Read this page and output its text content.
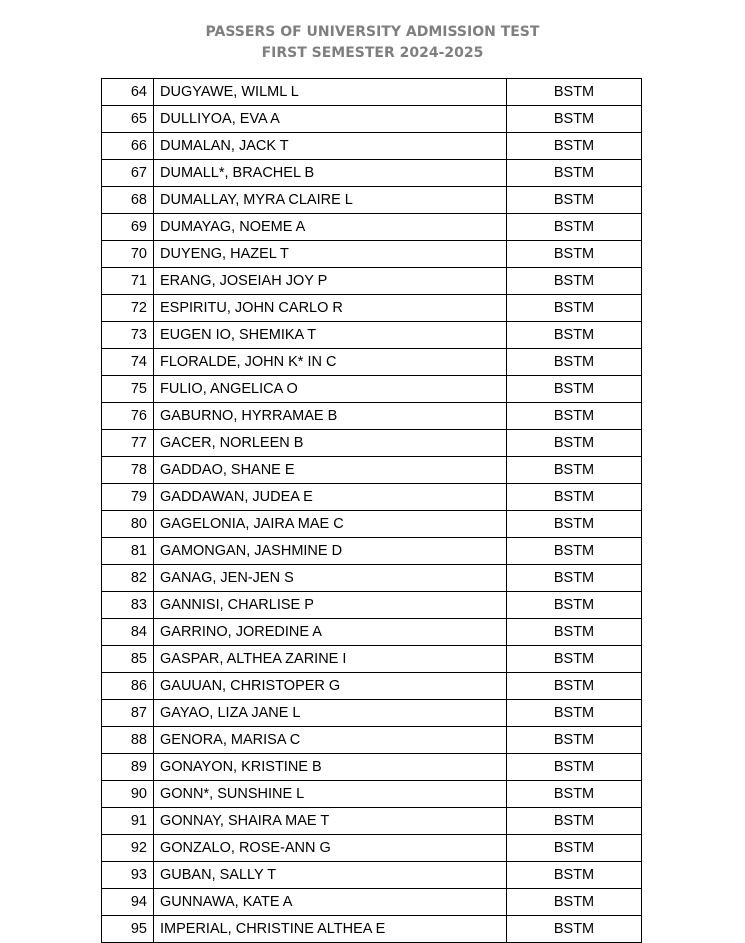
PASSERS OF UNIVERSITY ADMISSION TEST
FIRST SEMESTER 2024-2025
64	DUGYAWE, WILML L	BSTM
65	DULLIYOA, EVA A	BSTM
66	DUMALAN, JACK T	BSTM
67	DUMALL*, BRACHEL B	BSTM
68	DUMALLAY, MYRA CLAIRE L	BSTM
69	DUMAYAG, NOEME A	BSTM
70	DUYENG, HAZEL T	BSTM
71	ERANG, JOSEIAH JOY P	BSTM
72	ESPIRITU, JOHN CARLO R	BSTM
73	EUGEN IO, SHEMIKA T	BSTM
74	FLORALDE, JOHN K* IN C	BSTM
75	FULIO, ANGELICA O	BSTM
76	GABURNO, HYRRAMAE B	BSTM
77	GACER, NORLEEN B	BSTM
78	GADDAO, SHANE E	BSTM
79	GADDAWAN, JUDEA E	BSTM
80	GAGELONIA, JAIRA MAE C	BSTM
81	GAMONGAN, JASHMINE D	BSTM
82	GANAG, JEN-JEN S	BSTM
83	GANNISI, CHARLISE P	BSTM
84	GARRINO, JOREDINE A	BSTM
85	GASPAR, ALTHEA ZARINE I	BSTM
86	GAUUAN, CHRISTOPER G	BSTM
87	GAYAO, LIZA JANE L	BSTM
88	GENORA, MARISA C	BSTM
89	GONAYON, KRISTINE B	BSTM
90	GONN*, SUNSHINE L	BSTM
91	GONNAY, SHAIRA MAE T	BSTM
92	GONZALO, ROSE-ANN G	BSTM
93	GUBAN, SALLY T	BSTM
94	GUNNAWA, KATE A	BSTM
95	IMPERIAL, CHRISTINE ALTHEA E	BSTM
